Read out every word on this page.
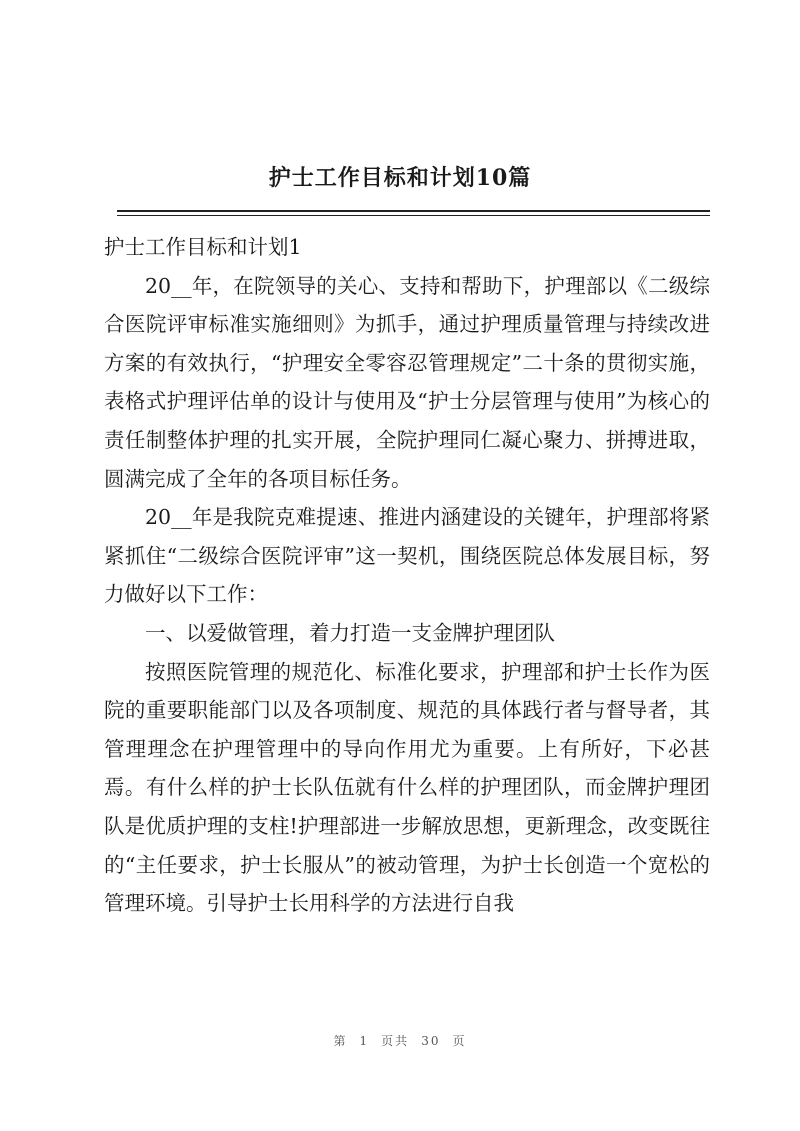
护士工作目标和计划10篇

护士工作目标和计划1

20__年，在院领导的关心、支持和帮助下，护理部以《二级综合医院评审标准实施细则》为抓手，通过护理质量管理与持续改进方案的有效执行，“护理安全零容忍管理规定”二十条的贯彻实施，表格式护理评估单的设计与使用及“护士分层管理与使用”为核心的责任制整体护理的扎实开展，全院护理同仁凝心聚力、拼搏进取，圆满完成了全年的各项目标任务。

20__年是我院克难提速、推进内涵建设的关键年，护理部将紧紧抓住“二级综合医院评审”这一契机，围绕医院总体发展目标，努力做好以下工作：

一、以爱做管理，着力打造一支金牌护理团队

按照医院管理的规范化、标准化要求，护理部和护士长作为医院的重要职能部门以及各项制度、规范的具体践行者与督导者，其管理理念在护理管理中的导向作用尤为重要。上有所好，下必甚焉。有什么样的护士长队伍就有什么样的护理团队，而金牌护理团队是优质护理的支柱!护理部进一步解放思想，更新理念，改变既往的“主任要求，护士长服从”的被动管理，为护士长创造一个宽松的管理环境。引导护士长用科学的方法进行自我

第 1 页共 30 页
